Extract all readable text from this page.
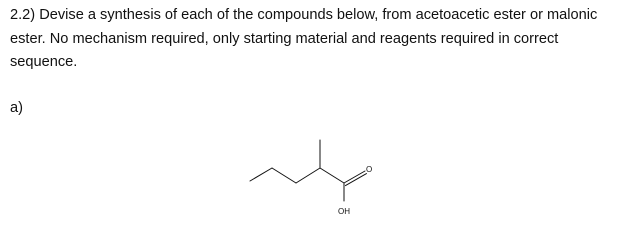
2.2) Devise a synthesis of each of the compounds below, from acetoacetic ester or malonic ester. No mechanism required, only starting material and reagents required in correct sequence.

a)

O
OH
